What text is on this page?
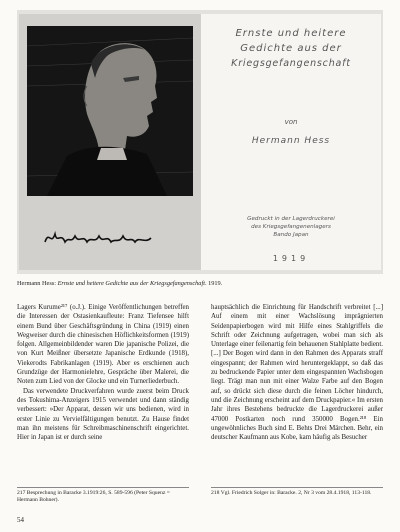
Ernste und heitere
Gedichte aus der
Kriegsgefangenschaft
von
Hermann Hess
Gedruckt in der Lagerdruckerei
des Kriegsgefangenenlagers
Bando Japan
1919
Hermann Hess: Ernste und heitere Gedichte aus der Kriegsgefangenschaft. 1919.

Lagers Kurume²¹⁷ (o.J.). Einige Veröffentlichungen betreffen die Interessen der Ostasienkaufleute: Franz Tiefensee hilft einem Bund über Geschäftsgründung in China (1919) einen Wegweiser durch die chinesischen Höflichkeitsformen (1919) folgen. Allgemeinbildender waren Die japanische Polizei, die von Kurt Meißner übersetzte Japanische Erdkunde (1918), Viekerodts Fabrikanlagen (1919). Aber es erschienen auch Grundzüge der Harmonielehre, Gespräche über Malerei, die Noten zum Lied von der Glocke und ein Turnerliederbuch.

Das verwendete Druckverfahren wurde zuerst beim Druck des Tokushima-Anzeigers 1915 verwendet und dann ständig verbessert: »Der Apparat, dessen wir uns bedienen, wird in erster Linie zu Vervielfältigungen benutzt. Zu Hause findet man ihn meistens für Schreibmaschinenschrift eingerichtet. Hier in Japan ist er durch seine

hauptsächlich die Einrichtung für Handschrift verbreitet [...] Auf einem mit einer Wachslösung imprägnierten Seidenpapierbogen wird mit Hilfe eines Stahlgriffels die Schrift oder Zeichnung aufgetragen, wobei man sich als Unterlage einer feilenartig fein behauenen Stahlplatte bedient. [...] Der Bogen wird dann in den Rahmen des Apparats straff eingespannt; der Rahmen wird heruntergeklappt, so daß das zu bedruckende Papier unter dem eingespannten Wachsbogen liegt. Trägt man nun mit einer Walze Farbe auf den Bogen auf, so drückt sich diese durch die feinen Löcher hindurch, und die Zeichnung erscheint auf dem Druckpapier.« Im ersten Jahr ihres Bestehens bedruckte die Lagerdruckerei außer 47000 Postkarten noch rund 350000 Bogen.²¹⁸ Ein ungewöhnliches Buch sind E. Behts Drei Märchen. Behr, ein deutscher Kaufmann aus Kobe, kam häufig als Besucher

217 Besprechung in Baracke 3.1919:26, S. 589-596 (Peter Squenz = Hermann Bohner).
218 Vgl. Friedrich Solger in: Baracke. 2, Nr 3 vom 28.4.1918, 113-118.
54
